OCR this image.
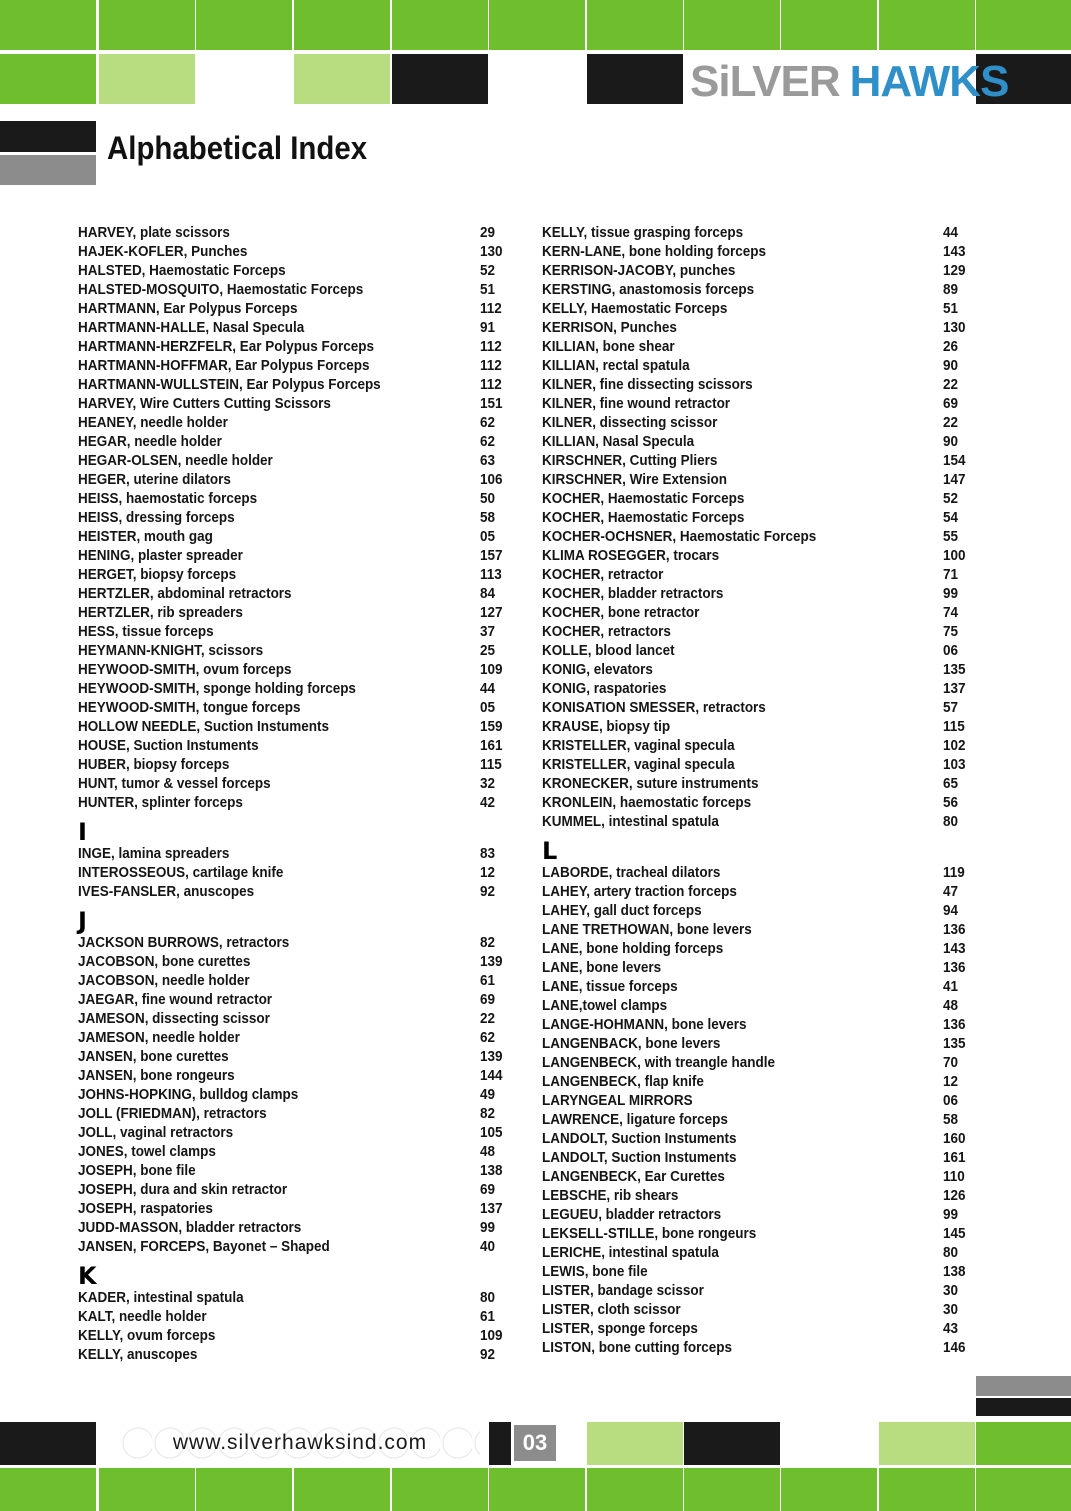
SiLVER HAWKS
Alphabetical Index
HARVEY, plate scissors	29
HAJEK-KOFLER, Punches	130
HALSTED, Haemostatic Forceps	52
HALSTED-MOSQUITO, Haemostatic Forceps	51
HARTMANN, Ear Polypus Forceps	112
HARTMANN-HALLE, Nasal Specula	91
HARTMANN-HERZFELR, Ear Polypus Forceps	112
HARTMANN-HOFFMAR, Ear Polypus Forceps	112
HARTMANN-WULLSTEIN, Ear Polypus Forceps	112
HARVEY, Wire Cutters Cutting Scissors	151
HEANEY, needle holder	62
HEGAR, needle holder	62
HEGAR-OLSEN, needle holder	63
HEGER, uterine dilators	106
HEISS, haemostatic forceps	50
HEISS, dressing forceps	58
HEISTER, mouth gag	05
HENING, plaster spreader	157
HERGET, biopsy forceps	113
HERTZLER, abdominal retractors	84
HERTZLER, rib spreaders	127
HESS, tissue forceps	37
HEYMANN-KNIGHT, scissors	25
HEYWOOD-SMITH, ovum forceps	109
HEYWOOD-SMITH, sponge holding forceps	44
HEYWOOD-SMITH, tongue forceps	05
HOLLOW NEEDLE, Suction Instuments	159
HOUSE, Suction Instuments	161
HUBER, biopsy forceps	115
HUNT, tumor & vessel forceps	32
HUNTER, splinter forceps	42
I
INGE, lamina spreaders	83
INTEROSSEOUS, cartilage knife	12
IVES-FANSLER, anuscopes	92
J
JACKSON BURROWS, retractors	82
JACOBSON, bone curettes	139
JACOBSON, needle holder	61
JAEGAR, fine wound retractor	69
JAMESON, dissecting scissor	22
JAMESON, needle holder	62
JANSEN, bone curettes	139
JANSEN, bone rongeurs	144
JOHNS-HOPKING, bulldog clamps	49
JOLL (FRIEDMAN), retractors	82
JOLL, vaginal retractors	105
JONES, towel clamps	48
JOSEPH, bone file	138
JOSEPH, dura and skin retractor	69
JOSEPH, raspatories	137
JUDD-MASSON, bladder retractors	99
JANSEN, FORCEPS, Bayonet – Shaped	40
K
KADER, intestinal spatula	80
KALT, needle holder	61
KELLY, ovum forceps	109
KELLY, anuscopes	92
KELLY, tissue grasping forceps	44
KERN-LANE, bone holding forceps	143
KERRISON-JACOBY, punches	129
KERSTING, anastomosis forceps	89
KELLY, Haemostatic Forceps	51
KERRISON, Punches	130
KILLIAN, bone shear	26
KILLIAN, rectal spatula	90
KILNER, fine dissecting scissors	22
KILNER, fine wound retractor	69
KILNER, dissecting scissor	22
KILLIAN, Nasal Specula	90
KIRSCHNER, Cutting Pliers	154
KIRSCHNER, Wire Extension	147
KOCHER, Haemostatic Forceps	52
KOCHER, Haemostatic Forceps	54
KOCHER-OCHSNER, Haemostatic Forceps	55
KLIMA ROSEGGER, trocars	100
KOCHER, retractor	71
KOCHER, bladder retractors	99
KOCHER, bone retractor	74
KOCHER, retractors	75
KOLLE, blood lancet	06
KONIG, elevators	135
KONIG, raspatories	137
KONISATION SMESSER, retractors	57
KRAUSE, biopsy tip	115
KRISTELLER, vaginal specula	102
KRISTELLER, vaginal specula	103
KRONECKER, suture instruments	65
KRONLEIN, haemostatic forceps	56
KUMMEL, intestinal spatula	80
L
LABORDE, tracheal dilators	119
LAHEY, artery traction forceps	47
LAHEY, gall duct forceps	94
LANE TRETHOWAN, bone levers	136
LANE, bone holding forceps	143
LANE, bone levers	136
LANE, tissue forceps	41
LANE,towel clamps	48
LANGE-HOHMANN, bone levers	136
LANGENBACK, bone levers	135
LANGENBECK, with treangle handle	70
LANGENBECK, flap knife	12
LARYNGEAL MIRRORS	06
LAWRENCE, ligature forceps	58
LANDOLT, Suction Instuments	160
LANDOLT, Suction Instuments	161
LANGENBECK, Ear Curettes	110
LEBSCHE, rib shears	126
LEGUEU, bladder retractors	99
LEKSELL-STILLE, bone rongeurs	145
LERICHE, intestinal spatula	80
LEWIS, bone file	138
LISTER, bandage scissor	30
LISTER, cloth scissor	30
LISTER, sponge forceps	43
LISTON, bone cutting forceps	146
www.silverhawksind.com	03
